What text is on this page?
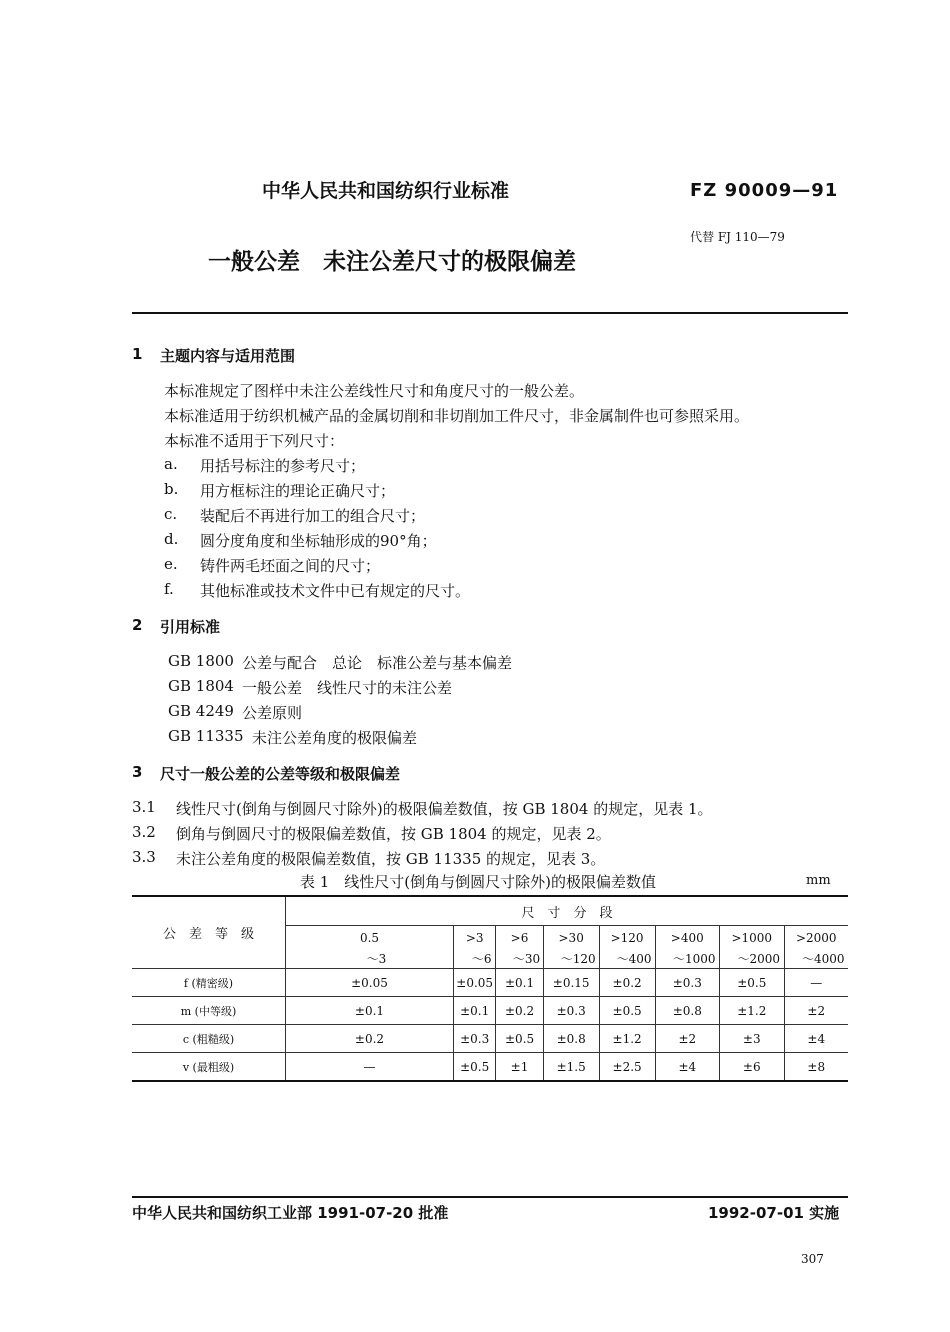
中华人民共和国纺织行业标准	FZ 90009—91
代替 FJ 110—79
一般公差　未注公差尺寸的极限偏差
1 主题内容与适用范围
本标准规定了图样中未注公差线性尺寸和角度尺寸的一般公差。
本标准适用于纺织机械产品的金属切削和非切削加工件尺寸，非金属制件也可参照采用。
本标准不适用于下列尺寸：
a. 用括号标注的参考尺寸；
b. 用方框标注的理论正确尺寸；
c. 装配后不再进行加工的组合尺寸；
d. 圆分度角度和坐标轴形成的90°角；
e. 铸件两毛坯面之间的尺寸；
f. 其他标准或技术文件中已有规定的尺寸。
2 引用标准
GB 1800 公差与配合　总论　标准公差与基本偏差
GB 1804 一般公差　线性尺寸的未注公差
GB 4249 公差原则
GB 11335 未注公差角度的极限偏差
3 尺寸一般公差的公差等级和极限偏差
3.1 线性尺寸(倒角与倒圆尺寸除外)的极限偏差数值，按 GB 1804 的规定，见表 1。
3.2 倒角与倒圆尺寸的极限偏差数值，按 GB 1804 的规定，见表 2。
3.3 未注公差角度的极限偏差数值，按 GB 11335 的规定，见表 3。
表 1　线性尺寸(倒角与倒圆尺寸除外)的极限偏差数值	mm
公　差　等　级	尺　寸　分　段							
	0.5	>3	>6	>30	>120	>400	>1000	>2000
	～3	～6	～30	～120	～400	～1000	～2000	～4000
f (精密级)	±0.05	±0.05	±0.1	±0.15	±0.2	±0.3	±0.5	—
m (中等级)	±0.1	±0.1	±0.2	±0.3	±0.5	±0.8	±1.2	±2
c (粗糙级)	±0.2	±0.3	±0.5	±0.8	±1.2	±2	±3	±4
v (最粗级)	—	±0.5	±1	±1.5	±2.5	±4	±6	±8
中华人民共和国纺织工业部 1991-07-20 批准	1992-07-01 实施
307
